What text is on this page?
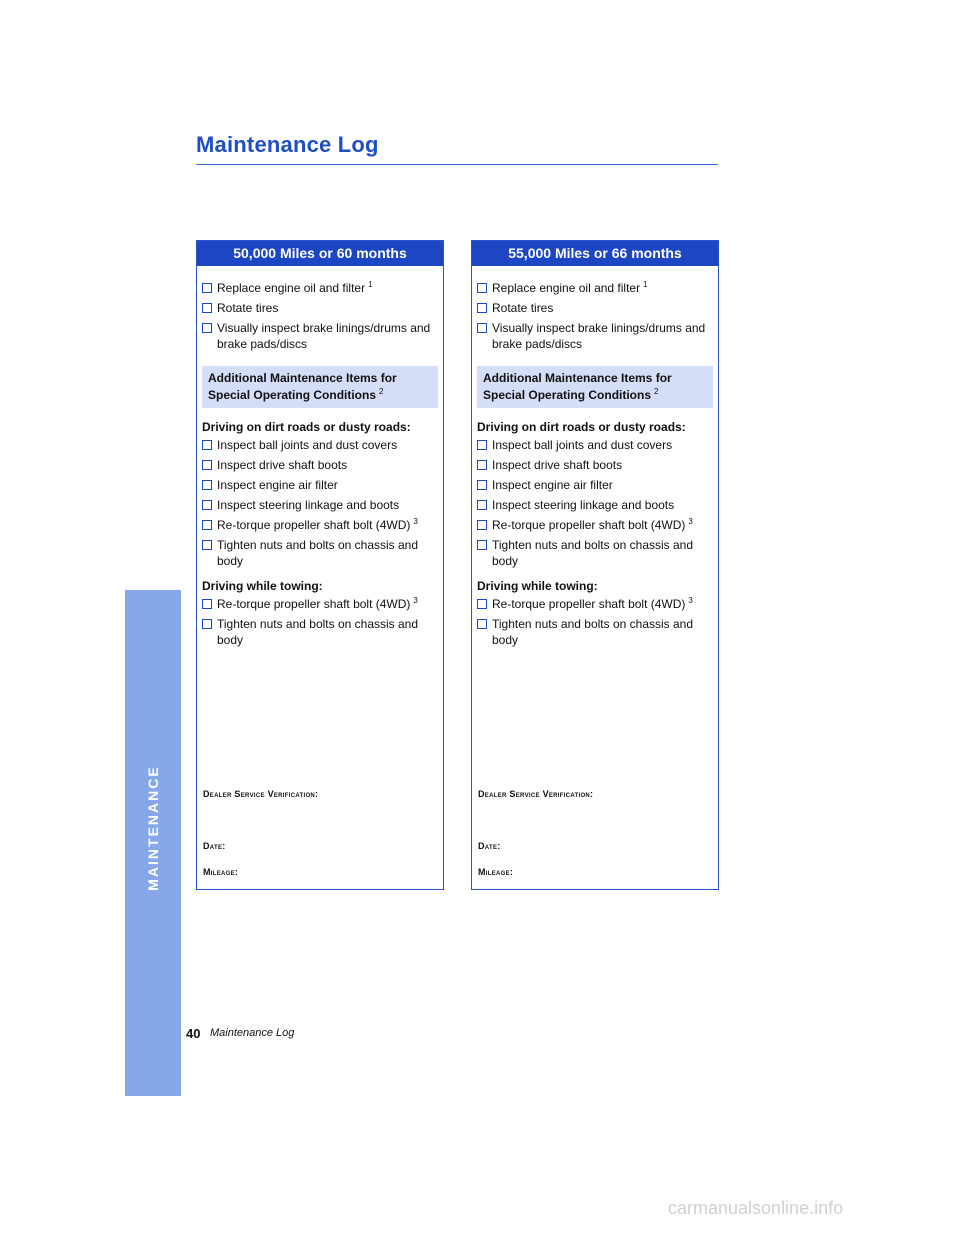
Maintenance Log
MAINTENANCE
50,000 Miles or 60 months
Replace engine oil and filter $^1$
Rotate tires
Visually inspect brake linings/drums and brake pads/discs
Additional Maintenance Items for Special Operating Conditions $^2$
Driving on dirt roads or dusty roads:
Inspect ball joints and dust covers
Inspect drive shaft boots
Inspect engine air filter
Inspect steering linkage and boots
Re-torque propeller shaft bolt (4WD) $^3$
Tighten nuts and bolts on chassis and body
Driving while towing:
Re-torque propeller shaft bolt (4WD) $^3$
Tighten nuts and bolts on chassis and body
Dealer Service Verification:
Date:
Mileage:
55,000 Miles or 66 months
Replace engine oil and filter $^1$
Rotate tires
Visually inspect brake linings/drums and brake pads/discs
Additional Maintenance Items for Special Operating Conditions $^2$
Driving on dirt roads or dusty roads:
Inspect ball joints and dust covers
Inspect drive shaft boots
Inspect engine air filter
Inspect steering linkage and boots
Re-torque propeller shaft bolt (4WD) $^3$
Tighten nuts and bolts on chassis and body
Driving while towing:
Re-torque propeller shaft bolt (4WD) $^3$
Tighten nuts and bolts on chassis and body
Dealer Service Verification:
Date:
Mileage:
40 Maintenance Log
carmanualsonline.info
